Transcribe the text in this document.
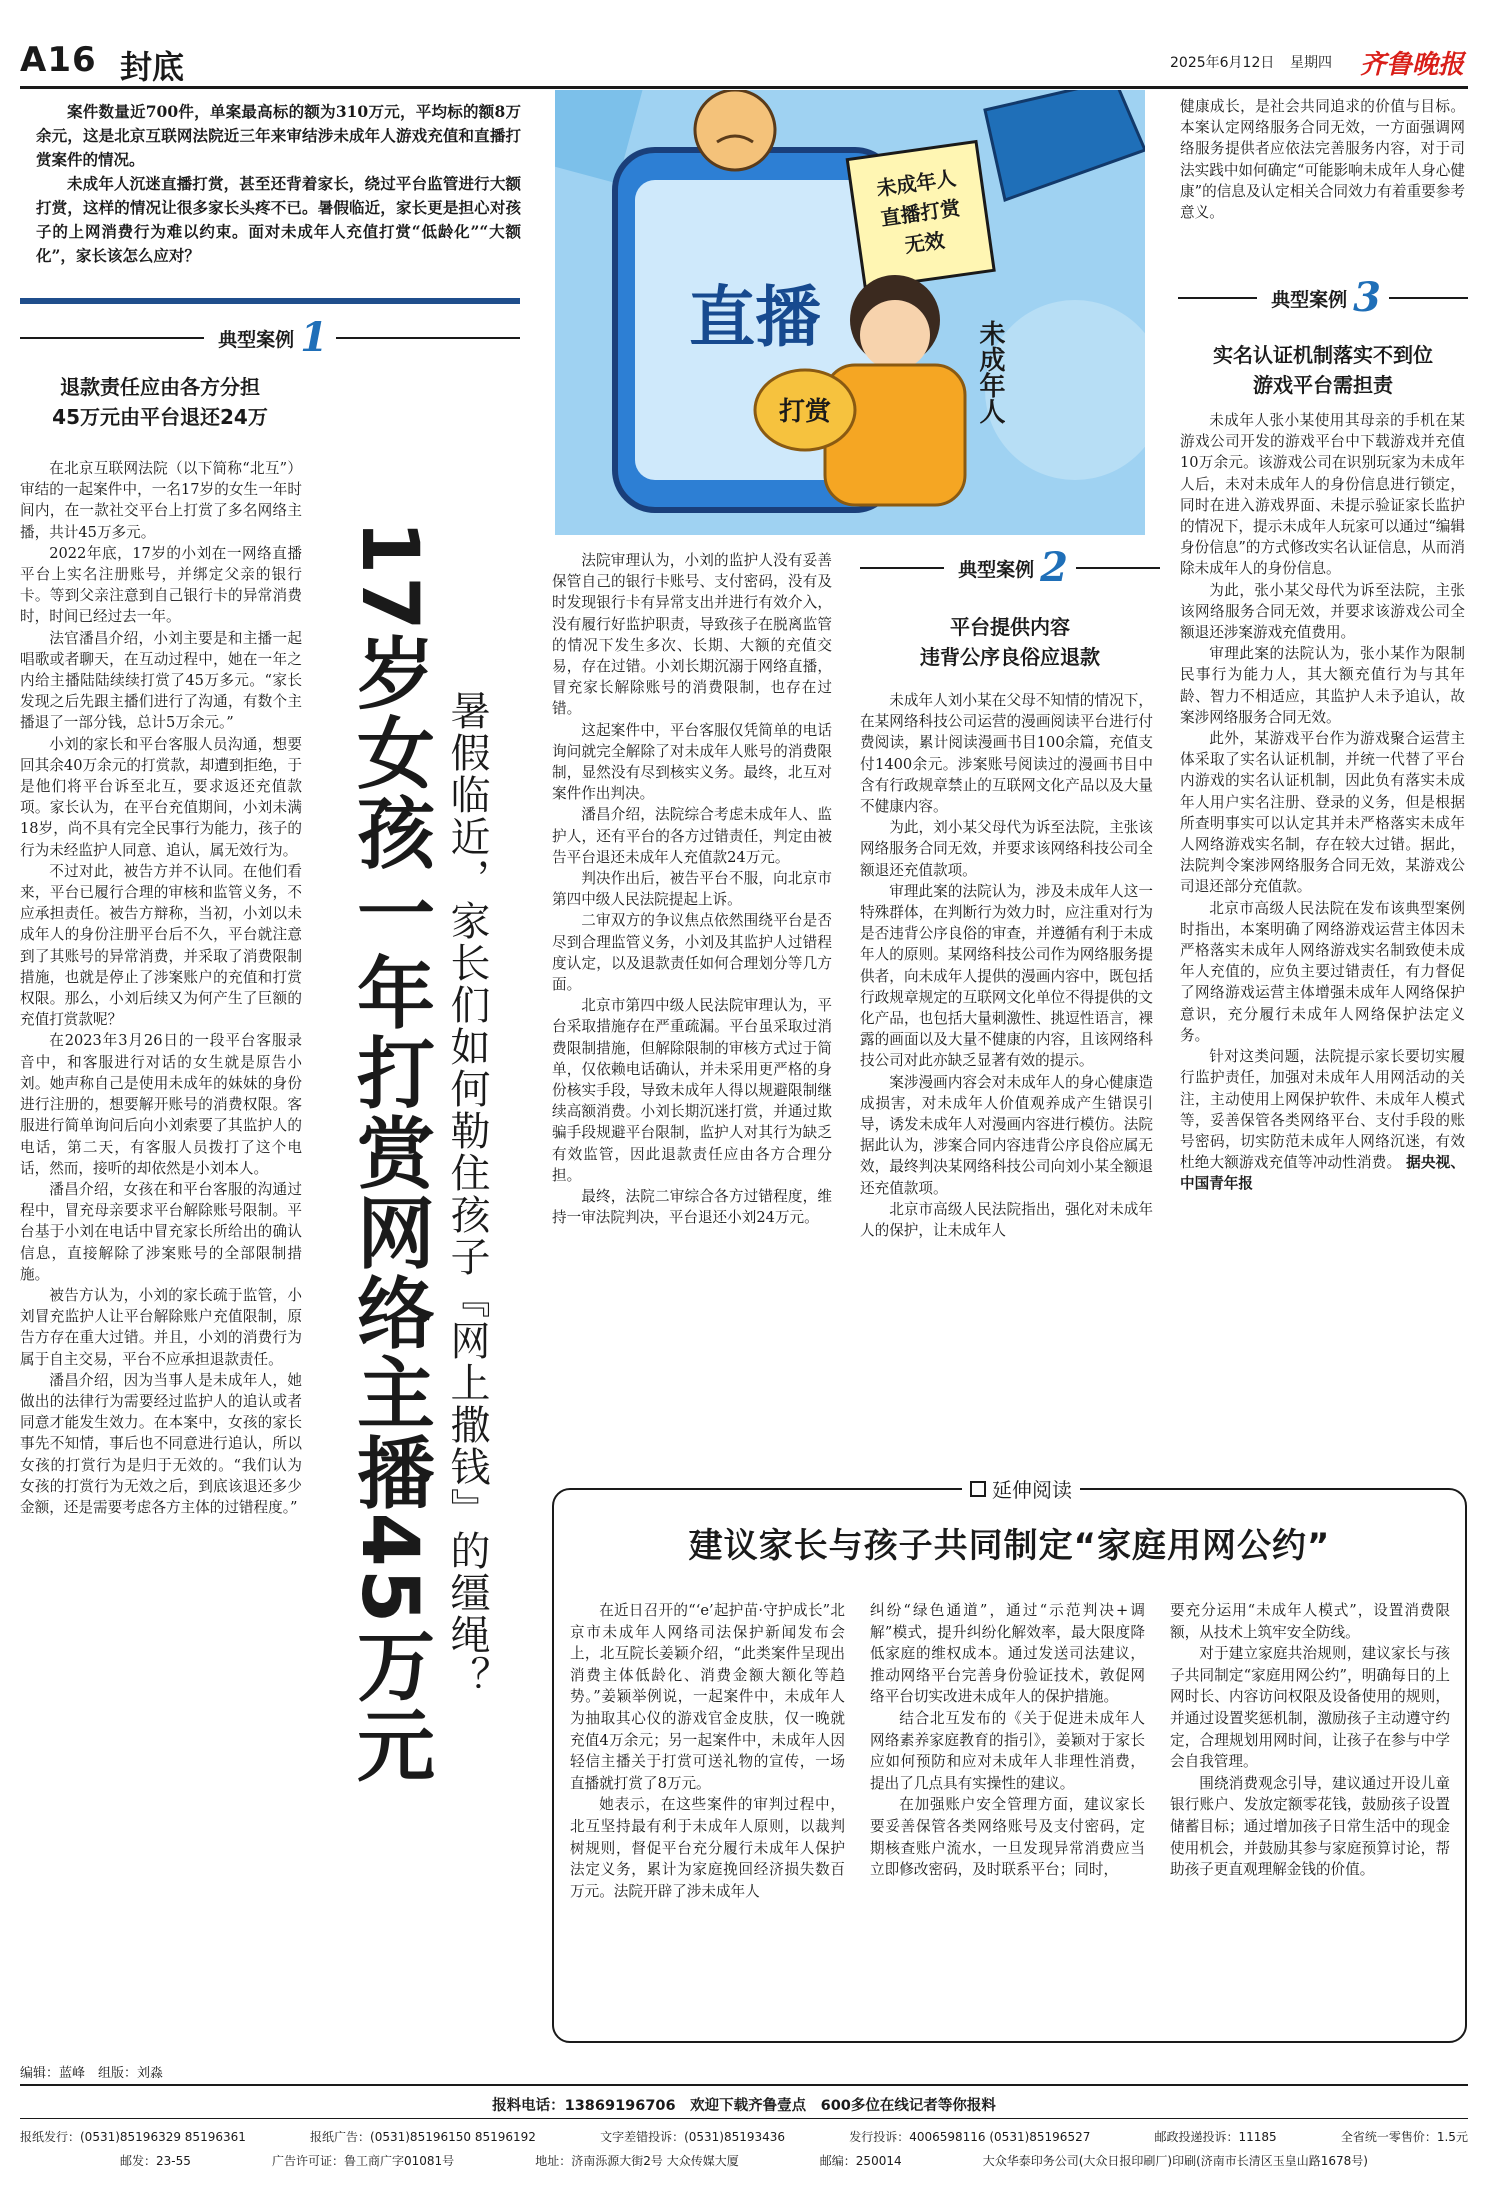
A16 封底	2025年6月12日 星期四 齐鲁晚报

案件数量近700件，单案最高标的额为310万元，平均标的额8万余元，这是北京互联网法院近三年来审结涉未成年人游戏充值和直播打赏案件的情况。

未成年人沉迷直播打赏，甚至还背着家长，绕过平台监管进行大额打赏，这样的情况让很多家长头疼不已。暑假临近，家长更是担心对孩子的上网消费行为难以约束。面对未成年人充值打赏“低龄化”“大额化”，家长该怎么应对？

典型案例 1
退款责任应由各方分担
45万元由平台退还24万

在北京互联网法院（以下简称“北互”）审结的一起案件中，一名17岁的女生一年时间内，在一款社交平台上打赏了多名网络主播，共计45万多元。

2022年底，17岁的小刘在一网络直播平台上实名注册账号，并绑定父亲的银行卡。等到父亲注意到自己银行卡的异常消费时，时间已经过去一年。

法官潘昌介绍，小刘主要是和主播一起唱歌或者聊天，在互动过程中，她在一年之内给主播陆陆续续打赏了45万多元。“家长发现之后先跟主播们进行了沟通，有数个主播退了一部分钱，总计5万余元。”

小刘的家长和平台客服人员沟通，想要回其余40万余元的打赏款，却遭到拒绝，于是他们将平台诉至北互，要求返还充值款项。家长认为，在平台充值期间，小刘未满18岁，尚不具有完全民事行为能力，孩子的行为未经监护人同意、追认，属无效行为。

不过对此，被告方并不认同。在他们看来，平台已履行合理的审核和监管义务，不应承担责任。被告方辩称，当初，小刘以未成年人的身份注册平台后不久，平台就注意到了其账号的异常消费，并采取了消费限制措施，也就是停止了涉案账户的充值和打赏权限。那么，小刘后续又为何产生了巨额的充值打赏款呢？

在2023年3月26日的一段平台客服录音中，和客服进行对话的女生就是原告小刘。她声称自己是使用未成年的妹妹的身份进行注册的，想要解开账号的消费权限。客服进行简单询问后向小刘索要了其监护人的电话，第二天，有客服人员拨打了这个电话，然而，接听的却依然是小刘本人。

潘昌介绍，女孩在和平台客服的沟通过程中，冒充母亲要求平台解除账号限制。平台基于小刘在电话中冒充家长所给出的确认信息，直接解除了涉案账号的全部限制措施。

被告方认为，小刘的家长疏于监管，小刘冒充监护人让平台解除账户充值限制，原告方存在重大过错。并且，小刘的消费行为属于自主交易，平台不应承担退款责任。

潘昌介绍，因为当事人是未成年人，她做出的法律行为需要经过监护人的追认或者同意才能发生效力。在本案中，女孩的家长事先不知情，事后也不同意进行追认，所以女孩的打赏行为是归于无效的。“我们认为女孩的打赏行为无效之后，到底该退还多少金额，还是需要考虑各方主体的过错程度。” 17岁女孩一年打赏网络主播45万元 暑假临近，家长们如何勒住孩子『网上撒钱』的缰绳？
直播
未成年人
直播打赏
无效
未成年人
打赏

法院审理认为，小刘的监护人没有妥善保管自己的银行卡账号、支付密码，没有及时发现银行卡有异常支出并进行有效介入，没有履行好监护职责，导致孩子在脱离监管的情况下发生多次、长期、大额的充值交易，存在过错。小刘长期沉溺于网络直播，冒充家长解除账号的消费限制，也存在过错。

这起案件中，平台客服仅凭简单的电话询问就完全解除了对未成年人账号的消费限制，显然没有尽到核实义务。最终，北互对案件作出判决。

潘昌介绍，法院综合考虑未成年人、监护人，还有平台的各方过错责任，判定由被告平台退还未成年人充值款24万元。

判决作出后，被告平台不服，向北京市第四中级人民法院提起上诉。

二审双方的争议焦点依然围绕平台是否尽到合理监管义务，小刘及其监护人过错程度认定，以及退款责任如何合理划分等几方面。

北京市第四中级人民法院审理认为，平台采取措施存在严重疏漏。平台虽采取过消费限制措施，但解除限制的审核方式过于简单，仅依赖电话确认，并未采用更严格的身份核实手段，导致未成年人得以规避限制继续高额消费。小刘长期沉迷打赏，并通过欺骗手段规避平台限制，监护人对其行为缺乏有效监管，因此退款责任应由各方合理分担。

最终，法院二审综合各方过错程度，维持一审法院判决，平台退还小刘24万元。

典型案例 2
平台提供内容
违背公序良俗应退款

未成年人刘小某在父母不知情的情况下，在某网络科技公司运营的漫画阅读平台进行付费阅读，累计阅读漫画书目100余篇，充值支付1400余元。涉案账号阅读过的漫画书目中含有行政规章禁止的互联网文化产品以及大量不健康内容。

为此，刘小某父母代为诉至法院，主张该网络服务合同无效，并要求该网络科技公司全额退还充值款项。

审理此案的法院认为，涉及未成年人这一特殊群体，在判断行为效力时，应注重对行为是否违背公序良俗的审查，并遵循有利于未成年人的原则。某网络科技公司作为网络服务提供者，向未成年人提供的漫画内容中，既包括行政规章规定的互联网文化单位不得提供的文化产品，也包括大量刺激性、挑逗性语言，裸露的画面以及大量不健康的内容，且该网络科技公司对此亦缺乏显著有效的提示。

案涉漫画内容会对未成年人的身心健康造成损害，对未成年人价值观养成产生错误引导，诱发未成年人对漫画内容进行模仿。法院据此认为，涉案合同内容违背公序良俗应属无效，最终判决某网络科技公司向刘小某全额退还充值款项。

北京市高级人民法院指出，强化对未成年人的保护，让未成年人

健康成长，是社会共同追求的价值与目标。本案认定网络服务合同无效，一方面强调网络服务提供者应依法完善服务内容，对于司法实践中如何确定“可能影响未成年人身心健康”的信息及认定相关合同效力有着重要参考意义。

典型案例 3
实名认证机制落实不到位
游戏平台需担责

未成年人张小某使用其母亲的手机在某游戏公司开发的游戏平台中下载游戏并充值10万余元。该游戏公司在识别玩家为未成年人后，未对未成年人的身份信息进行锁定，同时在进入游戏界面、未提示验证家长监护的情况下，提示未成年人玩家可以通过“编辑身份信息”的方式修改实名认证信息，从而消除未成年人的身份信息。

为此，张小某父母代为诉至法院，主张该网络服务合同无效，并要求该游戏公司全额退还涉案游戏充值费用。

审理此案的法院认为，张小某作为限制民事行为能力人，其大额充值行为与其年龄、智力不相适应，其监护人未予追认，故案涉网络服务合同无效。

此外，某游戏平台作为游戏聚合运营主体采取了实名认证机制，并统一代替了平台内游戏的实名认证机制，因此负有落实未成年人用户实名注册、登录的义务，但是根据所查明事实可以认定其并未严格落实未成年人网络游戏实名制，存在较大过错。据此，法院判令案涉网络服务合同无效，某游戏公司退还部分充值款。

北京市高级人民法院在发布该典型案例时指出，本案明确了网络游戏运营主体因未严格落实未成年人网络游戏实名制致使未成年人充值的，应负主要过错责任，有力督促了网络游戏运营主体增强未成年人网络保护意识，充分履行未成年人网络保护法定义务。

针对这类问题，法院提示家长要切实履行监护责任，加强对未成年人用网活动的关注，主动使用上网保护软件、未成年人模式等，妥善保管各类网络平台、支付手段的账号密码，切实防范未成年人网络沉迷，有效杜绝大额游戏充值等冲动性消费。 据央视、中国青年报

延伸阅读
建议家长与孩子共同制定“家庭用网公约”

在近日召开的“‘e’起护苗·守护成长”北京市未成年人网络司法保护新闻发布会上，北互院长姜颖介绍，“此类案件呈现出消费主体低龄化、消费金额大额化等趋势。”姜颖举例说，一起案件中，未成年人为抽取其心仪的游戏官金皮肤，仅一晚就充值4万余元；另一起案件中，未成年人因轻信主播关于打赏可送礼物的宣传，一场直播就打赏了8万元。

她表示，在这些案件的审判过程中，北互坚持最有利于未成年人原则，以裁判树规则，督促平台充分履行未成年人保护法定义务，累计为家庭挽回经济损失数百万元。法院开辟了涉未成年人

纠纷“绿色通道”，通过“示范判决+调解”模式，提升纠纷化解效率，最大限度降低家庭的维权成本。通过发送司法建议，推动网络平台完善身份验证技术，敦促网络平台切实改进未成年人的保护措施。

结合北互发布的《关于促进未成年人网络素养家庭教育的指引》，姜颖对于家长应如何预防和应对未成年人非理性消费，提出了几点具有实操性的建议。

在加强账户安全管理方面，建议家长要妥善保管各类网络账号及支付密码，定期核查账户流水，一旦发现异常消费应当立即修改密码，及时联系平台；同时，

要充分运用“未成年人模式”，设置消费限额，从技术上筑牢安全防线。

对于建立家庭共治规则，建议家长与孩子共同制定“家庭用网公约”，明确每日的上网时长、内容访问权限及设备使用的规则，并通过设置奖惩机制，激励孩子主动遵守约定，合理规划用网时间，让孩子在参与中学会自我管理。

围绕消费观念引导，建议通过开设儿童银行账户、发放定额零花钱，鼓励孩子设置储蓄目标；通过增加孩子日常生活中的现金使用机会，并鼓励其参与家庭预算讨论，帮助孩子更直观理解金钱的价值。

编辑：蓝峰　组版：刘淼
报料电话：13869196706　欢迎下载齐鲁壹点　600多位在线记者等你报料
报纸发行：(0531)85196329 85196361	报纸广告：(0531)85196150 85196192	文字差错投诉：(0531)85193436	发行投诉：4006598116 (0531)85196527	邮政投递投诉：11185	全省统一零售价：1.5元
邮发：23-55	广告许可证：鲁工商广字01081号	地址：济南泺源大街2号 大众传媒大厦	邮编：250014	大众华泰印务公司(大众日报印刷厂)印刷(济南市长清区玉皇山路1678号)
